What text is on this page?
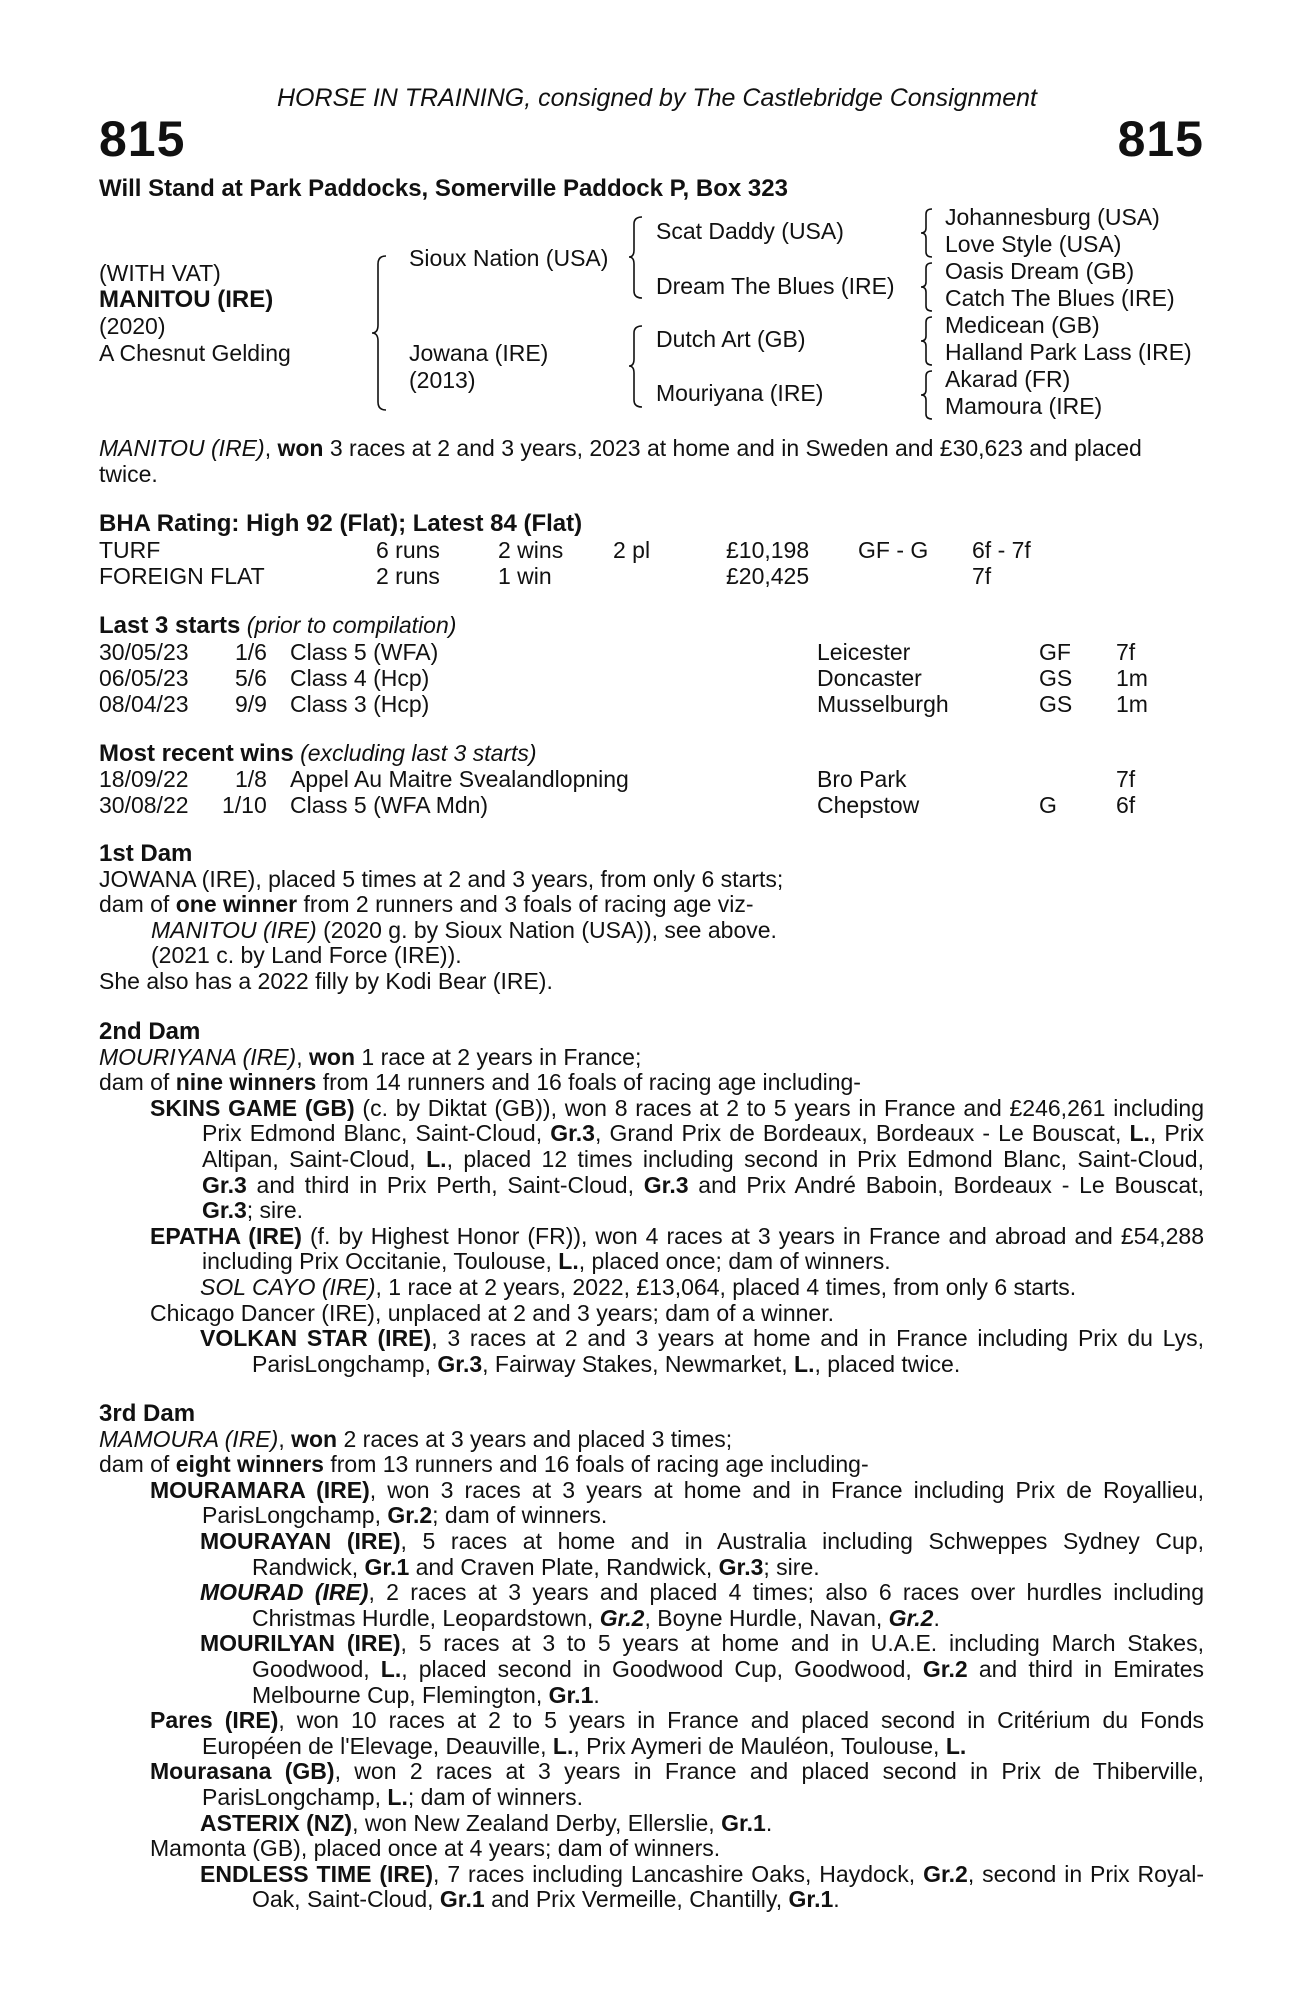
HORSE IN TRAINING, consigned by The Castlebridge Consignment
815	815
Will Stand at Park Paddocks, Somerville Paddock P, Box 323
(WITH VAT)
MANITOU (IRE)
(2020)
A Chesnut Gelding
Sioux Nation (USA)
Jowana (IRE)
(2013)
Scat Daddy (USA)
Dream The Blues (IRE)
Dutch Art (GB)
Mouriyana (IRE)
Johannesburg (USA)
Love Style (USA)
Oasis Dream (GB)
Catch The Blues (IRE)
Medicean (GB)
Halland Park Lass (IRE)
Akarad (FR)
Mamoura (IRE)
MANITOU (IRE), won 3 races at 2 and 3 years, 2023 at home and in Sweden and £30,623 and placed twice.
BHA Rating: High 92 (Flat); Latest 84 (Flat)
TURF	6 runs	2 wins 2 pl	£10,198 GF - G 6f - 7f
FOREIGN FLAT	2 runs	1 win	£20,425	7f
Last 3 starts (prior to compilation)
30/05/23 1/6 Class 5 (WFA)	Leicester	GF 7f
06/05/23 5/6 Class 4 (Hcp)	Doncaster	GS 1m
08/04/23 9/9 Class 3 (Hcp)	Musselburgh	GS 1m
Most recent wins (excluding last 3 starts)
18/09/22 1/8 Appel Au Maitre Svealandlopning	Bro Park	7f
30/08/22 1/10 Class 5 (WFA Mdn)	Chepstow	G	6f
1st Dam
JOWANA (IRE), placed 5 times at 2 and 3 years, from only 6 starts;
dam of one winner from 2 runners and 3 foals of racing age viz-
MANITOU (IRE) (2020 g. by Sioux Nation (USA)), see above.
(2021 c. by Land Force (IRE)).
She also has a 2022 filly by Kodi Bear (IRE).
2nd Dam
MOURIYANA (IRE), won 1 race at 2 years in France;
dam of nine winners from 14 runners and 16 foals of racing age including-
SKINS GAME (GB) (c. by Diktat (GB)), won 8 races at 2 to 5 years in France and £246,261 including Prix Edmond Blanc, Saint-Cloud, Gr.3, Grand Prix de Bordeaux, Bordeaux - Le Bouscat, L., Prix Altipan, Saint-Cloud, L., placed 12 times including second in Prix Edmond Blanc, Saint-Cloud, Gr.3 and third in Prix Perth, Saint-Cloud, Gr.3 and Prix André Baboin, Bordeaux - Le Bouscat, Gr.3; sire.
EPATHA (IRE) (f. by Highest Honor (FR)), won 4 races at 3 years in France and abroad and £54,288 including Prix Occitanie, Toulouse, L., placed once; dam of winners.
SOL CAYO (IRE), 1 race at 2 years, 2022, £13,064, placed 4 times, from only 6 starts.
Chicago Dancer (IRE), unplaced at 2 and 3 years; dam of a winner.
VOLKAN STAR (IRE), 3 races at 2 and 3 years at home and in France including Prix du Lys, ParisLongchamp, Gr.3, Fairway Stakes, Newmarket, L., placed twice.
3rd Dam
MAMOURA (IRE), won 2 races at 3 years and placed 3 times;
dam of eight winners from 13 runners and 16 foals of racing age including-
MOURAMARA (IRE), won 3 races at 3 years at home and in France including Prix de Royallieu, ParisLongchamp, Gr.2; dam of winners.
MOURAYAN (IRE), 5 races at home and in Australia including Schweppes Sydney Cup, Randwick, Gr.1 and Craven Plate, Randwick, Gr.3; sire.
MOURAD (IRE), 2 races at 3 years and placed 4 times; also 6 races over hurdles including Christmas Hurdle, Leopardstown, Gr.2, Boyne Hurdle, Navan, Gr.2.
MOURILYAN (IRE), 5 races at 3 to 5 years at home and in U.A.E. including March Stakes, Goodwood, L., placed second in Goodwood Cup, Goodwood, Gr.2 and third in Emirates Melbourne Cup, Flemington, Gr.1.
Pares (IRE), won 10 races at 2 to 5 years in France and placed second in Critérium du Fonds Européen de l'Elevage, Deauville, L., Prix Aymeri de Mauléon, Toulouse, L.
Mourasana (GB), won 2 races at 3 years in France and placed second in Prix de Thiberville, ParisLongchamp, L.; dam of winners.
ASTERIX (NZ), won New Zealand Derby, Ellerslie, Gr.1.
Mamonta (GB), placed once at 4 years; dam of winners.
ENDLESS TIME (IRE), 7 races including Lancashire Oaks, Haydock, Gr.2, second in Prix Royal-Oak, Saint-Cloud, Gr.1 and Prix Vermeille, Chantilly, Gr.1.
